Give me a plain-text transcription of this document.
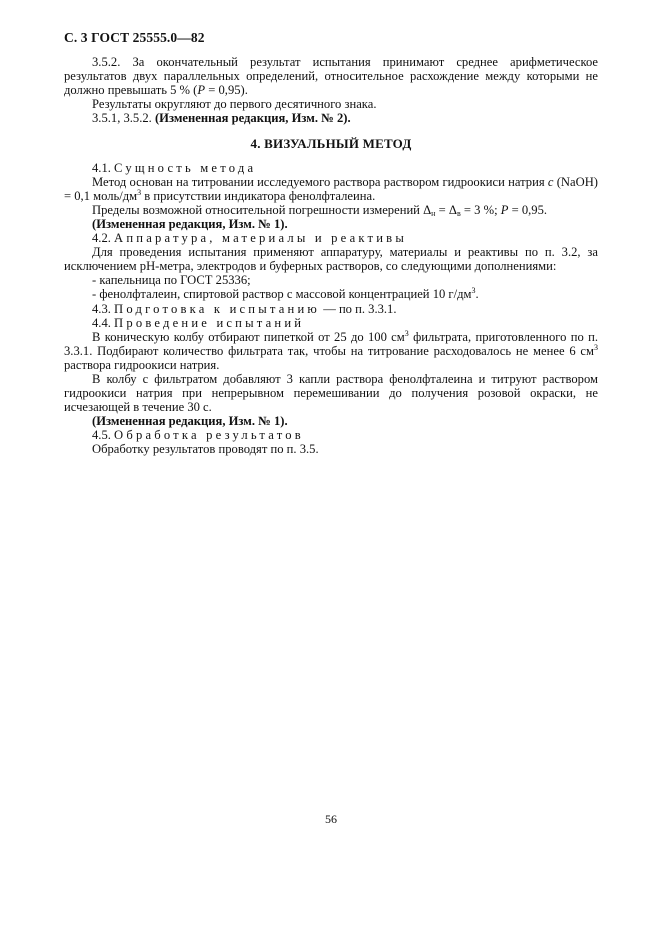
С. 3 ГОСТ 25555.0—82

3.5.2. За окончательный результат испытания принимают среднее арифметическое результатов двух параллельных определений, относительное расхождение между которыми не должно превышать 5 % (P = 0,95).

Результаты округляют до первого десятичного знака.

3.5.1, 3.5.2. (Измененная редакция, Изм. № 2).

4. ВИЗУАЛЬНЫЙ МЕТОД

4.1. Сущность метода

Метод основан на титровании исследуемого раствора раствором гидроокиси натрия c (NaOH) = 0,1 моль/$дм^3$ в присутствии индикатора фенолфталеина.

Пределы возможной относительной погрешности измерений $\Delta_н = \Delta_в = 3$ %; P = 0,95.

(Измененная редакция, Изм. № 1).

4.2. Аппаратура, материалы и реактивы

Для проведения испытания применяют аппаратуру, материалы и реактивы по п. 3.2, за исключением pH-метра, электродов и буферных растворов, со следующими дополнениями:

- капельница по ГОСТ 25336;

- фенолфталеин, спиртовой раствор с массовой концентрацией 10 $г/дм^3$.

4.3. Подготовка к испытанию — по п. 3.3.1.

4.4. Проведение испытаний

В коническую колбу отбирают пипеткой от 25 до 100 $см^3$ фильтрата, приготовленного по п. 3.3.1. Подбирают количество фильтрата так, чтобы на титрование расходовалось не менее 6 $см^3$ раствора гидроокиси натрия.

В колбу с фильтратом добавляют 3 капли раствора фенолфталеина и титруют раствором гидроокиси натрия при непрерывном перемешивании до получения розовой окраски, не исчезающей в течение 30 с.

(Измененная редакция, Изм. № 1).

4.5. Обработка результатов

Обработку результатов проводят по п. 3.5.

56
